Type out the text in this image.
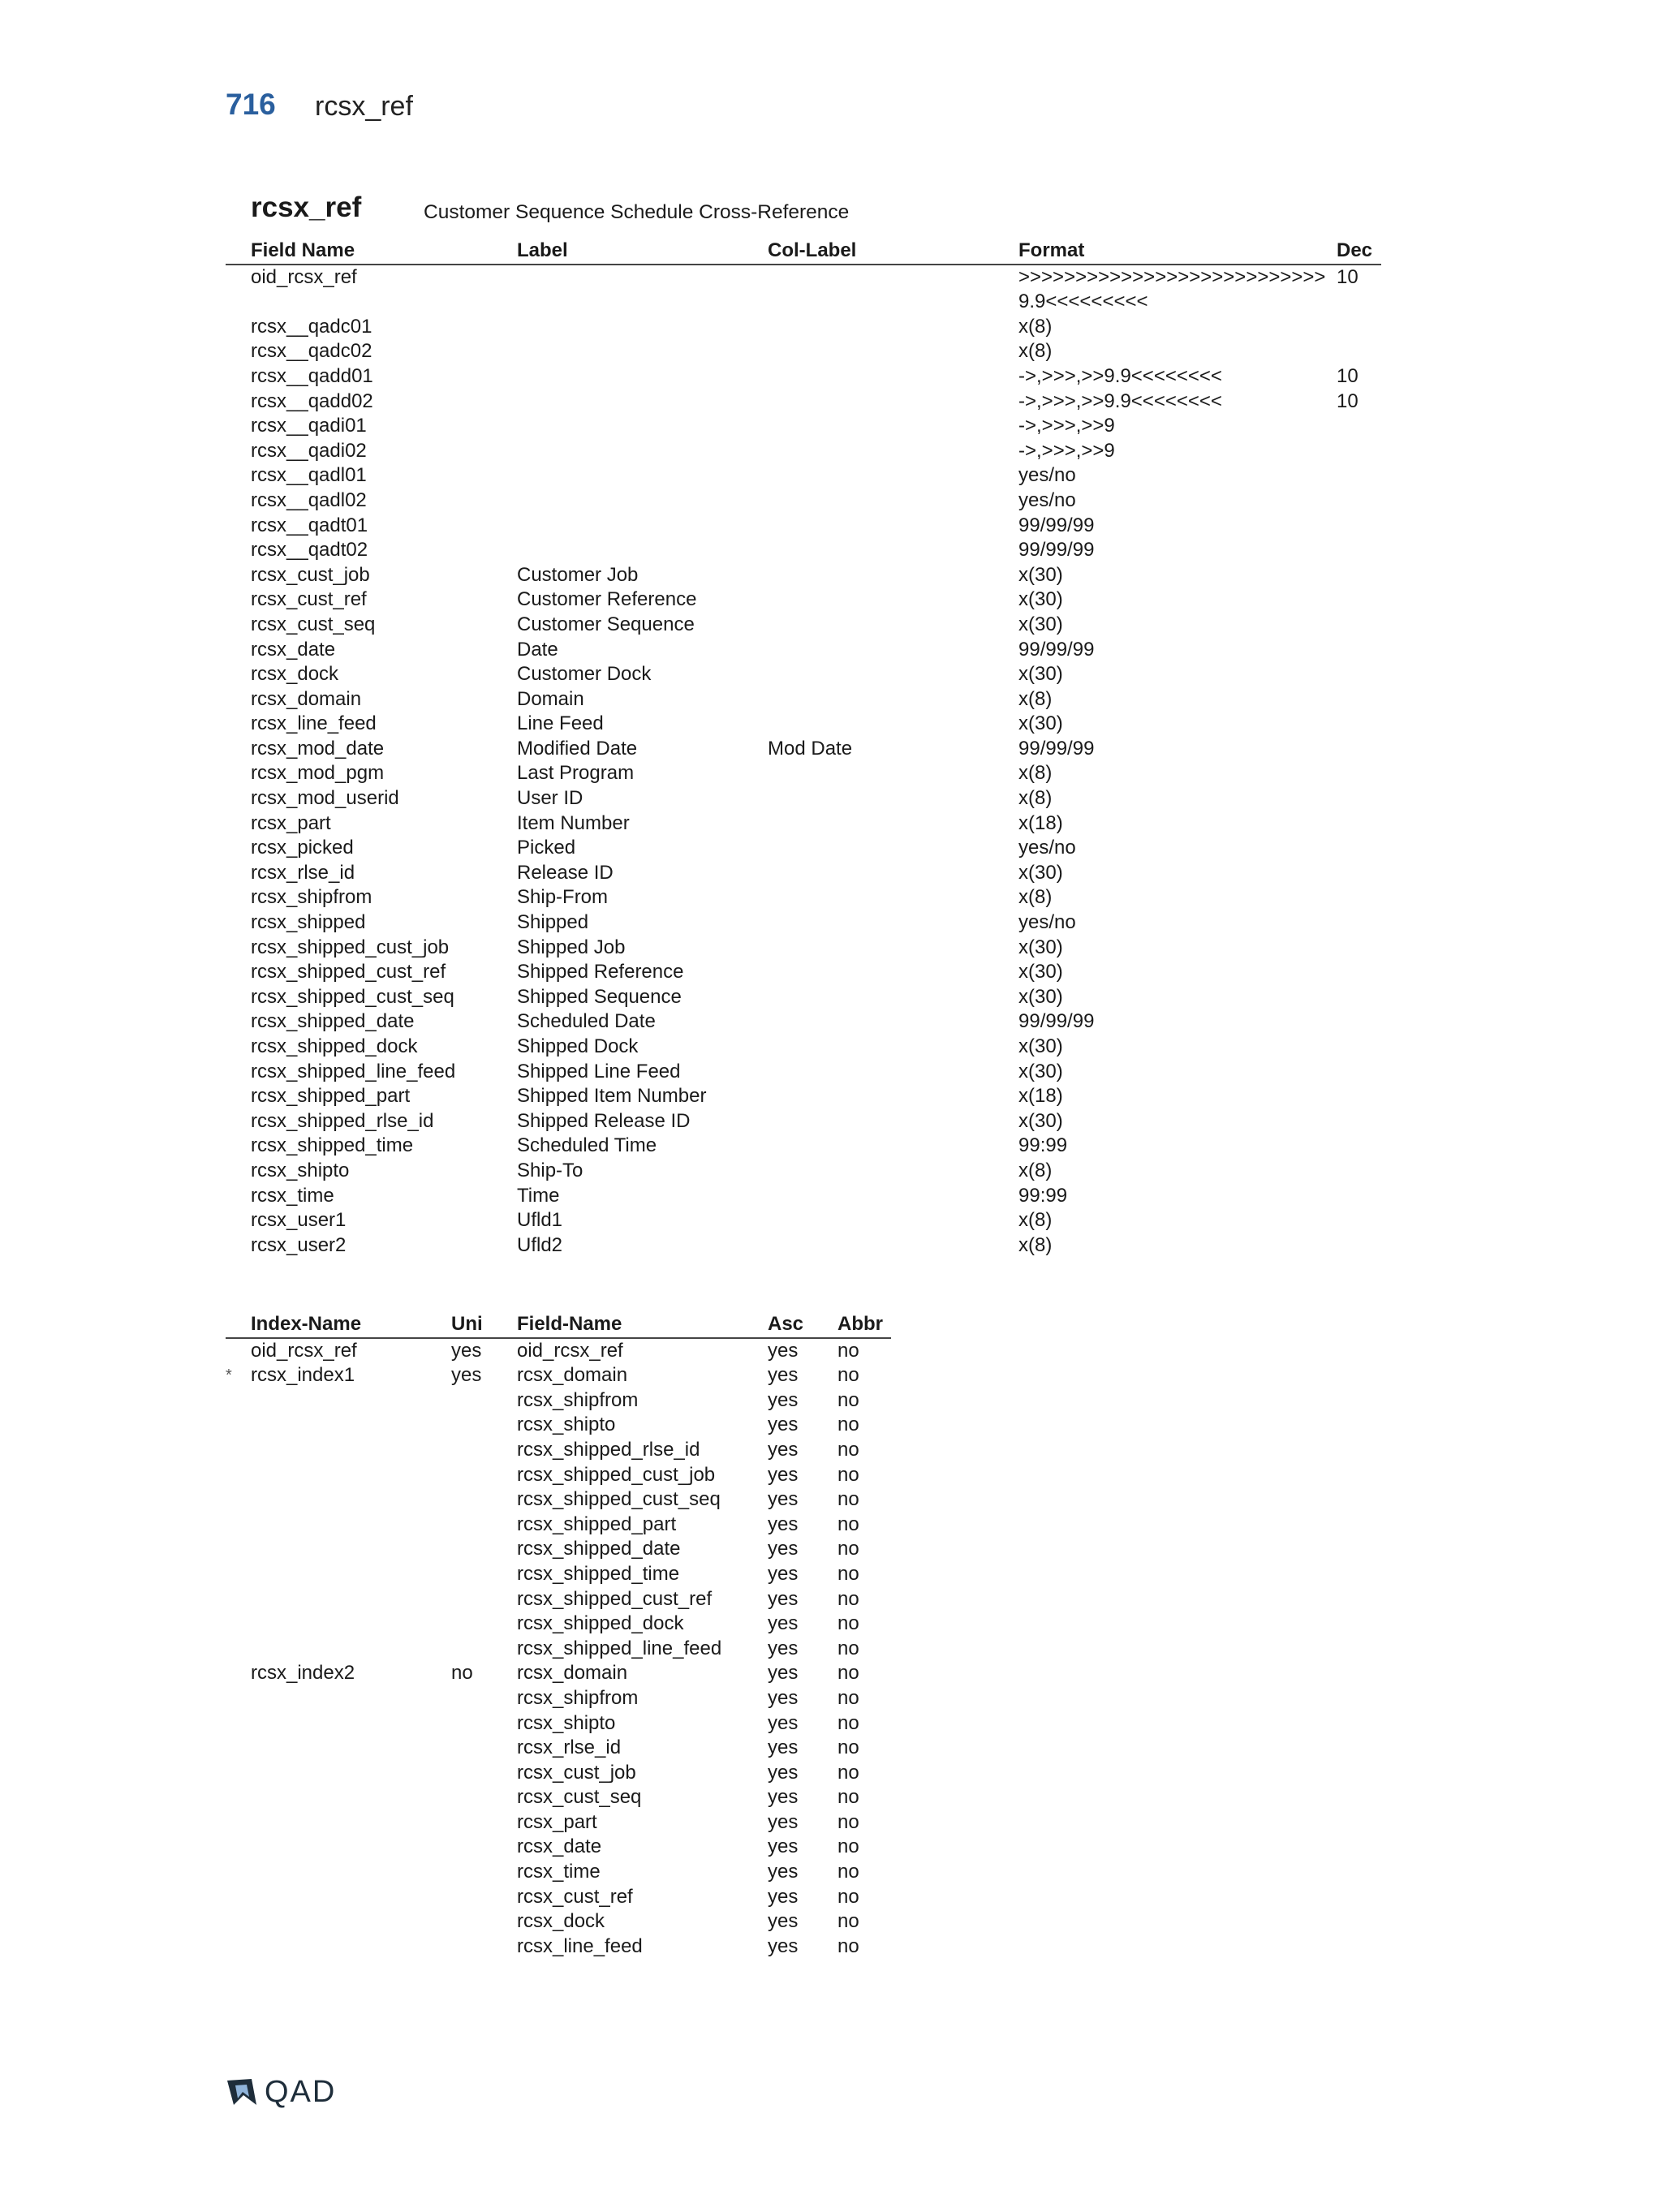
716 rcsx_ref
rcsx_ref	Customer Sequence Schedule Cross-Reference
	Field Name	Label	Col-Label	Format	Dec
	oid_rcsx_ref			>>>>>>>>>>>>>>>>>>>>>>>>>>>9.9<<<<<<<<<	10
	rcsx__qadc01			x(8)	
	rcsx__qadc02			x(8)	
	rcsx__qadd01			->,>>>,>>9.9<<<<<<<<	10
	rcsx__qadd02			->,>>>,>>9.9<<<<<<<<	10
	rcsx__qadi01			->,>>>,>>9	
	rcsx__qadi02			->,>>>,>>9	
	rcsx__qadl01			yes/no	
	rcsx__qadl02			yes/no	
	rcsx__qadt01			99/99/99	
	rcsx__qadt02			99/99/99	
	rcsx_cust_job	Customer Job		x(30)	
	rcsx_cust_ref	Customer Reference		x(30)	
	rcsx_cust_seq	Customer Sequence		x(30)	
	rcsx_date	Date		99/99/99	
	rcsx_dock	Customer Dock		x(30)	
	rcsx_domain	Domain		x(8)	
	rcsx_line_feed	Line Feed		x(30)	
	rcsx_mod_date	Modified Date	Mod Date	99/99/99	
	rcsx_mod_pgm	Last Program		x(8)	
	rcsx_mod_userid	User ID		x(8)	
	rcsx_part	Item Number		x(18)	
	rcsx_picked	Picked		yes/no	
	rcsx_rlse_id	Release ID		x(30)	
	rcsx_shipfrom	Ship-From		x(8)	
	rcsx_shipped	Shipped		yes/no	
	rcsx_shipped_cust_job	Shipped Job		x(30)	
	rcsx_shipped_cust_ref	Shipped Reference		x(30)	
	rcsx_shipped_cust_seq	Shipped Sequence		x(30)	
	rcsx_shipped_date	Scheduled Date		99/99/99	
	rcsx_shipped_dock	Shipped Dock		x(30)	
	rcsx_shipped_line_feed	Shipped Line Feed		x(30)	
	rcsx_shipped_part	Shipped Item Number		x(18)	
	rcsx_shipped_rlse_id	Shipped Release ID		x(30)	
	rcsx_shipped_time	Scheduled Time		99:99	
	rcsx_shipto	Ship-To		x(8)	
	rcsx_time	Time		99:99	
	rcsx_user1	Ufld1		x(8)	
	rcsx_user2	Ufld2		x(8)	
	Index-Name	Uni	Field-Name	Asc	Abbr
	oid_rcsx_ref	yes	oid_rcsx_ref	yes	no
*	rcsx_index1	yes	rcsx_domain	yes	no
			rcsx_shipfrom	yes	no
			rcsx_shipto	yes	no
			rcsx_shipped_rlse_id	yes	no
			rcsx_shipped_cust_job	yes	no
			rcsx_shipped_cust_seq	yes	no
			rcsx_shipped_part	yes	no
			rcsx_shipped_date	yes	no
			rcsx_shipped_time	yes	no
			rcsx_shipped_cust_ref	yes	no
			rcsx_shipped_dock	yes	no
			rcsx_shipped_line_feed	yes	no
	rcsx_index2	no	rcsx_domain	yes	no
			rcsx_shipfrom	yes	no
			rcsx_shipto	yes	no
			rcsx_rlse_id	yes	no
			rcsx_cust_job	yes	no
			rcsx_cust_seq	yes	no
			rcsx_part	yes	no
			rcsx_date	yes	no
			rcsx_time	yes	no
			rcsx_cust_ref	yes	no
			rcsx_dock	yes	no
			rcsx_line_feed	yes	no
QAD
